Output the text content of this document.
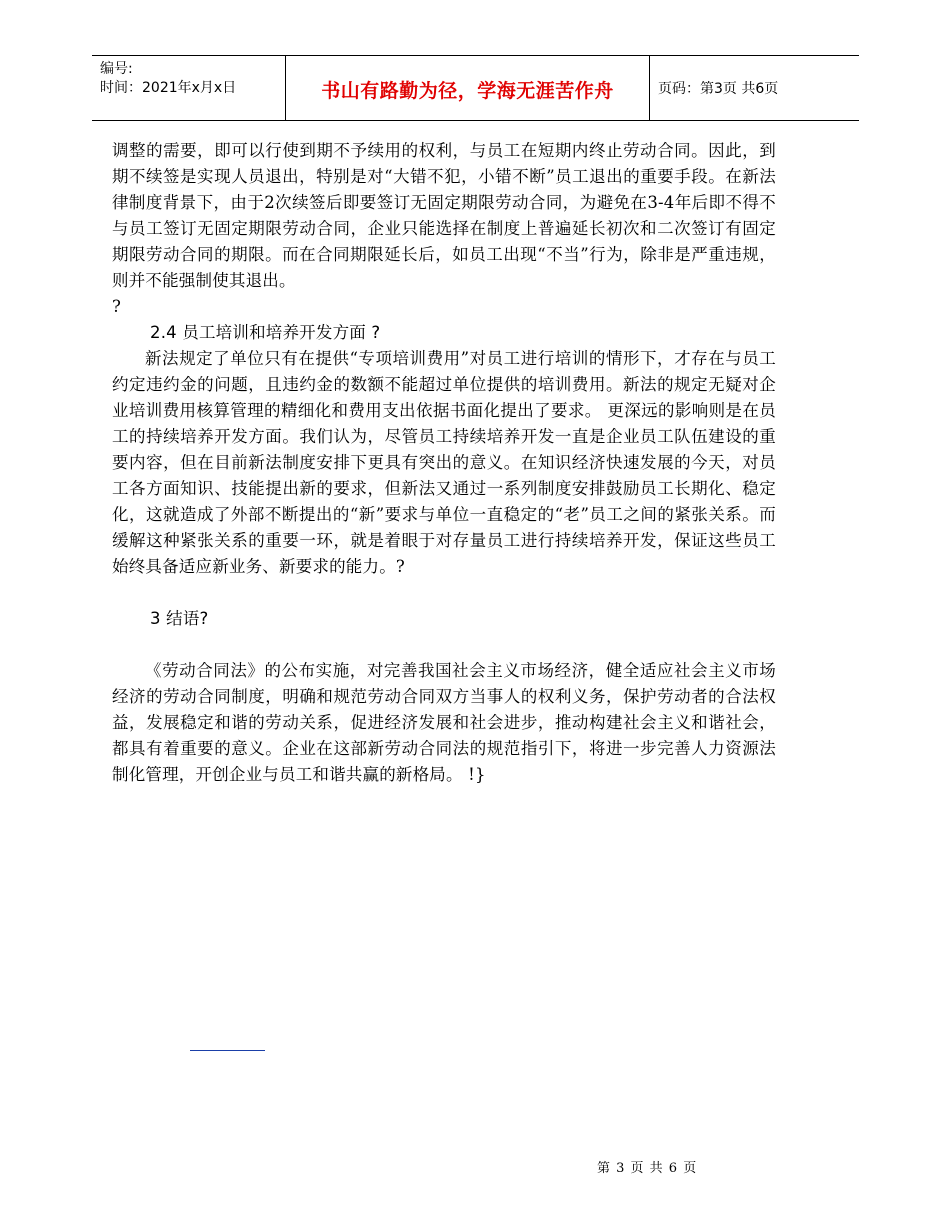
编号:
时间：2021年x月x日	书山有路勤为径，学海无涯苦作舟	页码：第3页 共6页

调整的需要，即可以行使到期不予续用的权利，与员工在短期内终止劳动合同。因此，到期不续签是实现人员退出，特别是对“大错不犯，小错不断”员工退出的重要手段。在新法律制度背景下，由于2次续签后即要签订无固定期限劳动合同，为避免在3-4年后即不得不与员工签订无固定期限劳动合同，企业只能选择在制度上普遍延长初次和二次签订有固定期限劳动合同的期限。而在合同期限延长后，如员工出现“不当”行为，除非是严重违规，则并不能强制使其退出。

?

2.4 员工培训和培养开发方面 ?

新法规定了单位只有在提供“专项培训费用”对员工进行培训的情形下，才存在与员工约定违约金的问题，且违约金的数额不能超过单位提供的培训费用。新法的规定无疑对企业培训费用核算管理的精细化和费用支出依据书面化提出了要求。 更深远的影响则是在员工的持续培养开发方面。我们认为，尽管员工持续培养开发一直是企业员工队伍建设的重要内容，但在目前新法制度安排下更具有突出的意义。在知识经济快速发展的今天，对员工各方面知识、技能提出新的要求，但新法又通过一系列制度安排鼓励员工长期化、稳定化，这就造成了外部不断提出的“新”要求与单位一直稳定的“老”员工之间的紧张关系。而缓解这种紧张关系的重要一环，就是着眼于对存量员工进行持续培养开发，保证这些员工始终具备适应新业务、新要求的能力。?

3 结语?

《劳动合同法》的公布实施，对完善我国社会主义市场经济，健全适应社会主义市场经济的劳动合同制度，明确和规范劳动合同双方当事人的权利义务，保护劳动者的合法权益，发展稳定和谐的劳动关系，促进经济发展和社会进步，推动构建社会主义和谐社会，都具有着重要的意义。企业在这部新劳动合同法的规范指引下，将进一步完善人力资源法制化管理，开创企业与员工和谐共赢的新格局。 !}

第 3 页 共 6 页
